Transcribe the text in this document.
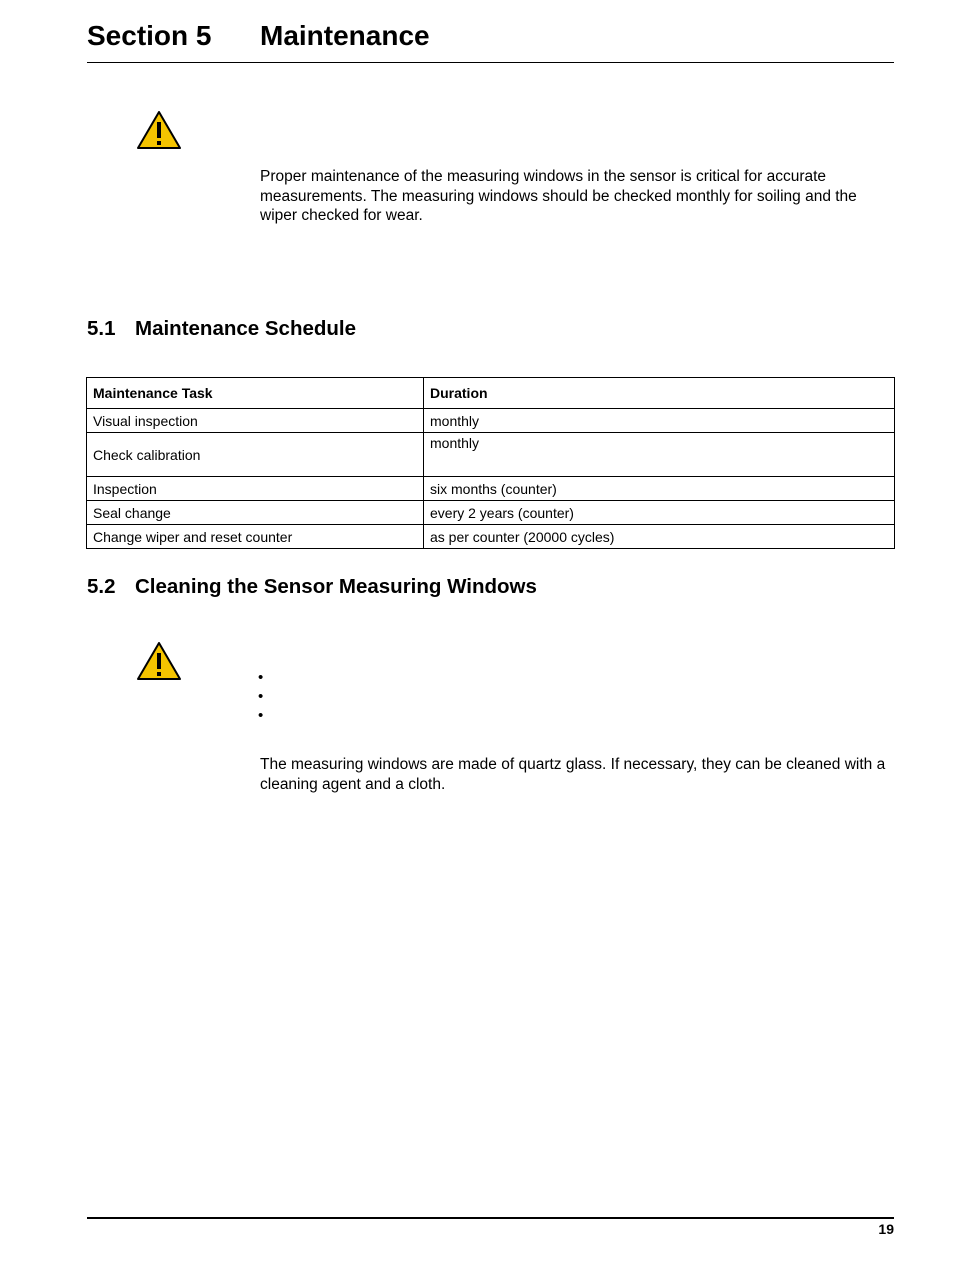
Section 5 Maintenance
Proper maintenance of the measuring windows in the sensor is critical for accurate measurements. The measuring windows should be checked monthly for soiling and the wiper checked for wear.
5.1 Maintenance Schedule
Maintenance Task	Duration
Visual inspection	monthly
Check calibration	monthly
Inspection	six months (counter)
Seal change	every 2 years (counter)
Change wiper and reset counter	as per counter (20000 cycles)
5.2 Cleaning the Sensor Measuring Windows
•
•
•
The measuring windows are made of quartz glass. If necessary, they can be cleaned with a cleaning agent and a cloth.
19
